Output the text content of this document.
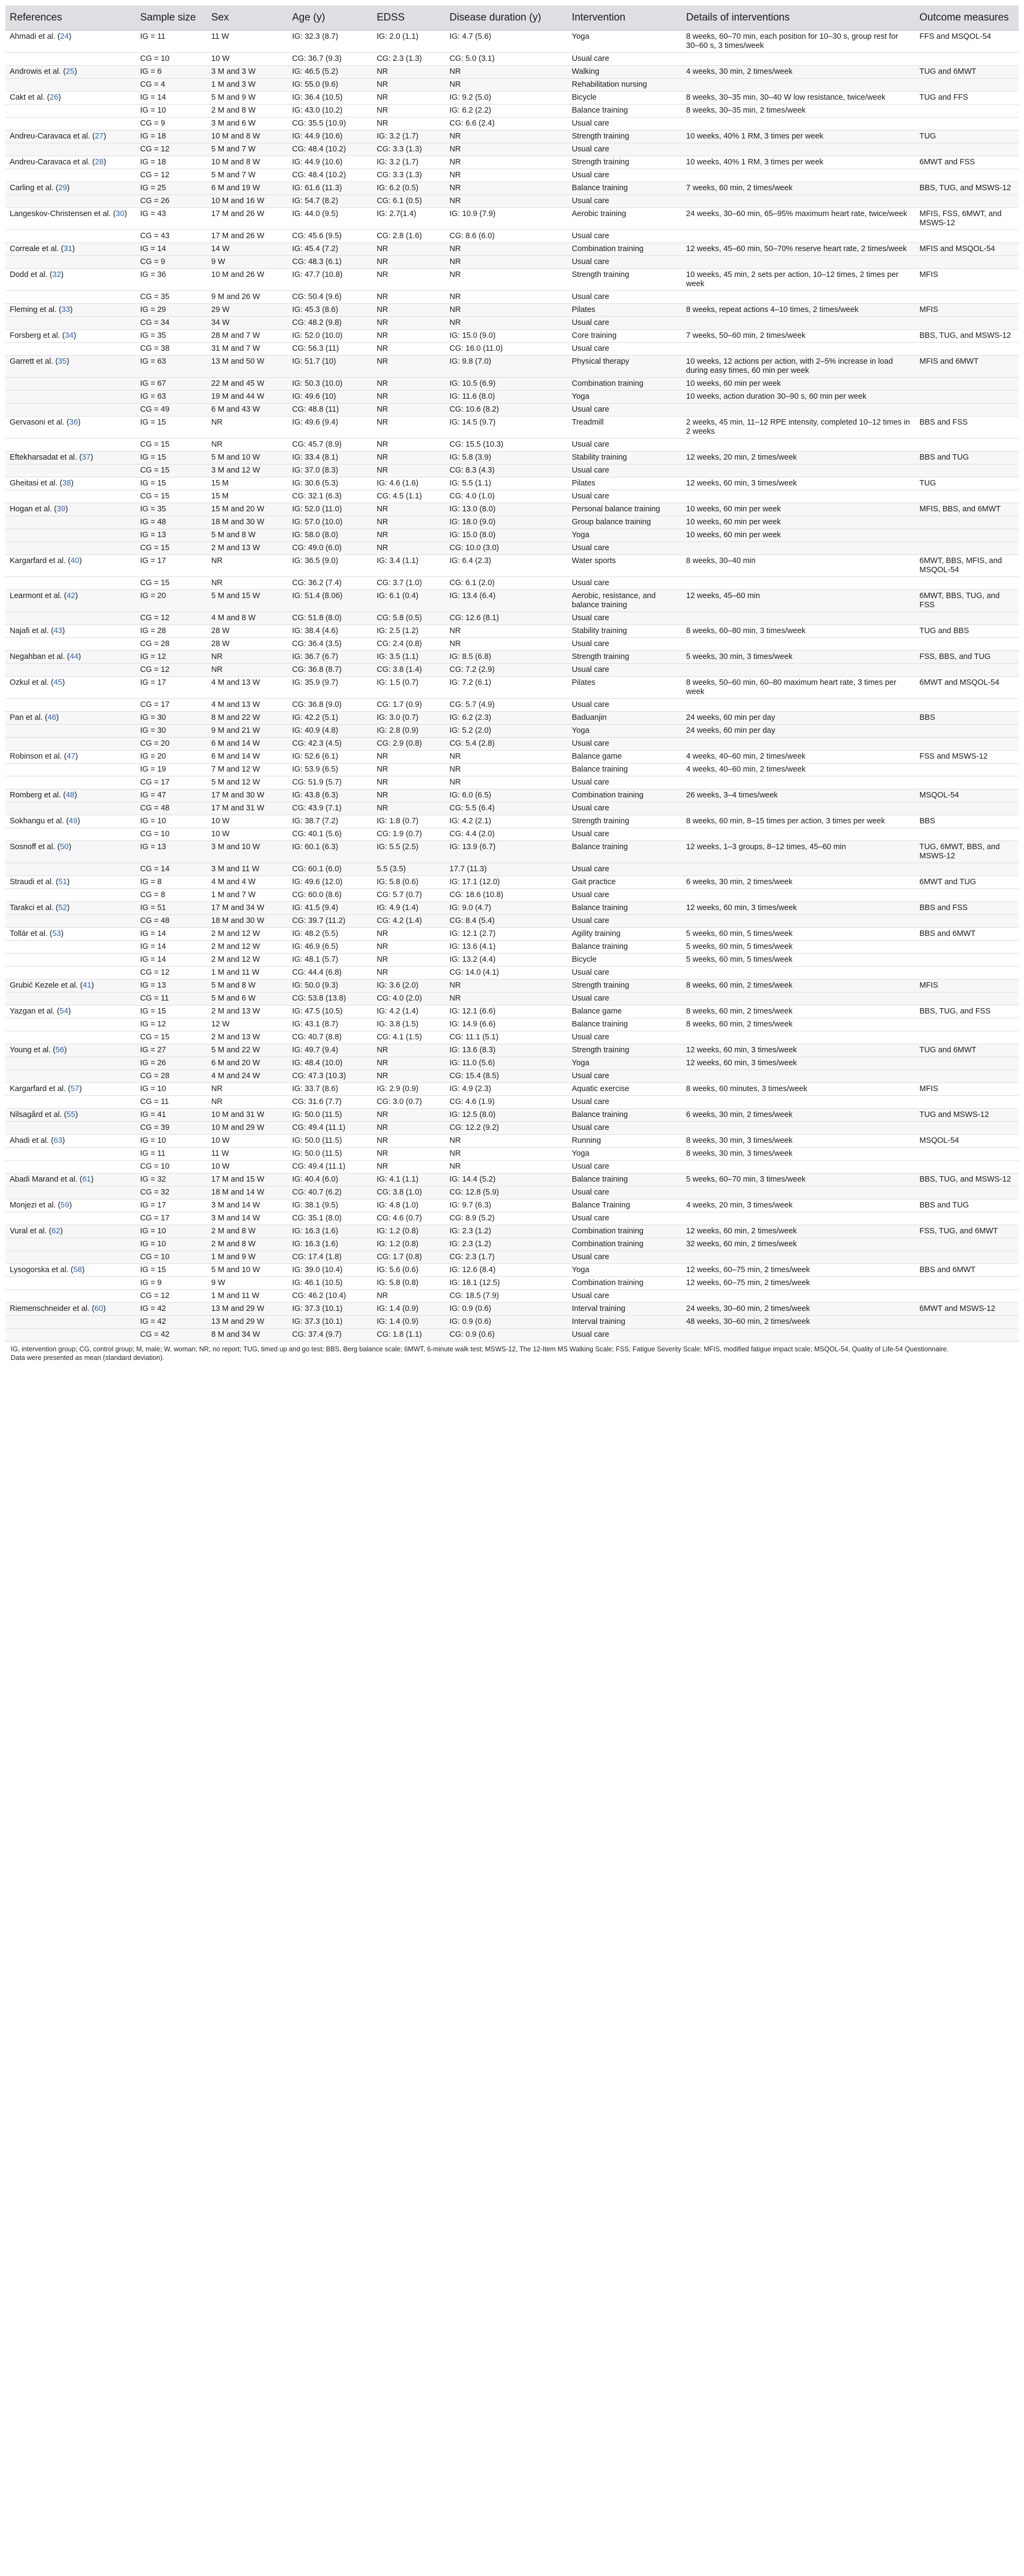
References	Sample size	Sex	Age (y)	EDSS	Disease duration (y)	Intervention	Details of interventions	Outcome measures
Ahmadi et al. (24)	IG = 11	11 W	IG: 32.3 (8.7)	IG: 2.0 (1.1)	IG: 4.7 (5.6)	Yoga	8 weeks, 60–70 min, each position for 10–30 s, group rest for 30–60 s, 3 times/week	FFS and MSQOL-54
	CG = 10	10 W	CG: 36.7 (9.3)	CG: 2.3 (1.3)	CG: 5.0 (3.1)	Usual care		
Androwis et al. (25)	IG = 6	3 M and 3 W	IG: 46.5 (5.2)	NR	NR	Walking	4 weeks, 30 min, 2 times/week	TUG and 6MWT
	CG = 4	1 M and 3 W	IG: 55.0 (9.6)	NR	NR	Rehabilitation nursing		
Cakt et al. (26)	IG = 14	5 M and 9 W	IG: 36.4 (10.5)	NR	IG: 9.2 (5.0)	Bicycle	8 weeks, 30–35 min, 30–40 W low resistance, twice/week	TUG and FFS
	IG = 10	2 M and 8 W	IG: 43.0 (10.2)	NR	IG: 6.2 (2.2)	Balance training	8 weeks, 30–35 min, 2 times/week	
	CG = 9	3 M and 6 W	CG: 35.5 (10.9)	NR	CG: 6.6 (2.4)	Usual care		
Andreu-Caravaca et al. (27)	IG = 18	10 M and 8 W	IG: 44.9 (10.6)	IG: 3.2 (1.7)	NR	Strength training	10 weeks, 40% 1 RM, 3 times per week	TUG
	CG = 12	5 M and 7 W	CG: 48.4 (10.2)	CG: 3.3 (1.3)	NR	Usual care		
Andreu-Caravaca et al. (28)	IG = 18	10 M and 8 W	IG: 44.9 (10.6)	IG: 3.2 (1.7)	NR	Strength training	10 weeks, 40% 1 RM, 3 times per week	6MWT and FSS
	CG = 12	5 M and 7 W	CG: 48.4 (10.2)	CG: 3.3 (1.3)	NR	Usual care		
Carling et al. (29)	IG = 25	6 M and 19 W	IG: 61.6 (11.3)	IG: 6.2 (0.5)	NR	Balance training	7 weeks, 60 min, 2 times/week	BBS, TUG, and MSWS-12
	CG = 26	10 M and 16 W	IG: 54.7 (8.2)	CG: 6.1 (0.5)	NR	Usual care		
Langeskov-Christensen et al. (30)	IG = 43	17 M and 26 W	IG: 44.0 (9.5)	IG: 2.7(1.4)	IG: 10.9 (7.9)	Aerobic training	24 weeks, 30–60 min, 65–95% maximum heart rate, twice/week	MFIS, FSS, 6MWT, and MSWS-12
	CG = 43	17 M and 26 W	CG: 45.6 (9.5)	CG: 2.8 (1.6)	CG: 8.6 (6.0)	Usual care		
Correale et al. (31)	IG = 14	14 W	IG: 45.4 (7.2)	NR	NR	Combination training	12 weeks, 45–60 min, 50–70% reserve heart rate, 2 times/week	MFIS and MSQOL-54
	CG = 9	9 W	CG: 48.3 (6.1)	NR	NR	Usual care		
Dodd et al. (32)	IG = 36	10 M and 26 W	IG: 47.7 (10.8)	NR	NR	Strength training	10 weeks, 45 min, 2 sets per action, 10–12 times, 2 times per week	MFIS
	CG = 35	9 M and 26 W	CG: 50.4 (9.6)	NR	NR	Usual care		
Fleming et al. (33)	IG = 29	29 W	IG: 45.3 (8.6)	NR	NR	Pilates	8 weeks, repeat actions 4–10 times, 2 times/week	MFIS
	CG = 34	34 W	CG: 48.2 (9.8)	NR	NR	Usual care		
Forsberg et al. (34)	IG = 35	28 M and 7 W	IG: 52.0 (10.0)	NR	IG: 15.0 (9.0)	Core training	7 weeks, 50–60 min, 2 times/week	BBS, TUG, and MSWS-12
	CG = 38	31 M and 7 W	CG: 56.3 (11)	NR	CG: 16.0 (11.0)	Usual care		
Garrett et al. (35)	IG = 63	13 M and 50 W	IG: 51.7 (10)	NR	IG: 9.8 (7.0)	Physical therapy	10 weeks, 12 actions per action, with 2–5% increase in load during easy times, 60 min per week	MFIS and 6MWT
	IG = 67	22 M and 45 W	IG: 50.3 (10.0)	NR	IG: 10.5 (6.9)	Combination training	10 weeks, 60 min per week	
	IG = 63	19 M and 44 W	IG: 49.6 (10)	NR	IG: 11.6 (8.0)	Yoga	10 weeks, action duration 30–90 s, 60 min per week	
	CG = 49	6 M and 43 W	CG: 48.8 (11)	NR	CG: 10.6 (8.2)	Usual care		
Gervasoni et al. (36)	IG = 15	NR	IG: 49.6 (9.4)	NR	IG: 14.5 (9.7)	Treadmill	2 weeks, 45 min, 11–12 RPE intensity, completed 10–12 times in 2 weeks	BBS and FSS
	CG = 15	NR	CG: 45.7 (8.9)	NR	CG: 15.5 (10.3)	Usual care		
Eftekharsadat et al. (37)	IG = 15	5 M and 10 W	IG: 33.4 (8.1)	NR	IG: 5.8 (3.9)	Stability training	12 weeks, 20 min, 2 times/week	BBS and TUG
	CG = 15	3 M and 12 W	IG: 37.0 (8.3)	NR	CG: 8.3 (4.3)	Usual care		
Gheitasi et al. (38)	IG = 15	15 M	IG: 30.6 (5.3)	IG: 4.6 (1.6)	IG: 5.5 (1.1)	Pilates	12 weeks, 60 min, 3 times/week	TUG
	CG = 15	15 M	CG: 32.1 (6.3)	CG: 4.5 (1.1)	CG: 4.0 (1.0)	Usual care		
Hogan et al. (39)	IG = 35	15 M and 20 W	IG: 52.0 (11.0)	NR	IG: 13.0 (8.0)	Personal balance training	10 weeks, 60 min per week	MFIS, BBS, and 6MWT
	IG = 48	18 M and 30 W	IG: 57.0 (10.0)	NR	IG: 18.0 (9.0)	Group balance training	10 weeks, 60 min per week	
	IG = 13	5 M and 8 W	IG: 58.0 (8.0)	NR	IG: 15.0 (8.0)	Yoga	10 weeks, 60 min per week	
	CG = 15	2 M and 13 W	CG: 49.0 (6.0)	NR	CG: 10.0 (3.0)	Usual care		
Kargarfard et al. (40)	IG = 17	NR	IG: 36.5 (9.0)	IG: 3.4 (1.1)	IG: 6.4 (2.3)	Water sports	8 weeks, 30–40 min	6MWT, BBS, MFIS, and MSQOL-54
	CG = 15	NR	CG: 36.2 (7.4)	CG: 3.7 (1.0)	CG: 6.1 (2.0)	Usual care		
Learmont et al. (42)	IG = 20	5 M and 15 W	IG: 51.4 (8.06)	IG: 6.1 (0.4)	IG: 13.4 (6.4)	Aerobic, resistance, and balance training	12 weeks, 45–60 min	6MWT, BBS, TUG, and FSS
	CG = 12	4 M and 8 W	CG: 51.8 (8.0)	CG: 5.8 (0.5)	CG: 12.6 (8.1)	Usual care		
Najafi et al. (43)	IG = 28	28 W	IG: 38.4 (4.6)	IG: 2.5 (1.2)	NR	Stability training	8 weeks, 60–80 min, 3 times/week	TUG and BBS
	CG = 28	28 W	CG: 36.4 (3.5)	CG: 2.4 (0.8)	NR	Usual care		
Negahban et al. (44)	IG = 12	NR	IG: 36.7 (6.7)	IG: 3.5 (1.1)	IG: 8.5 (6.8)	Strength training	5 weeks, 30 min, 3 times/week	FSS, BBS, and TUG
	CG = 12	NR	CG: 36.8 (8.7)	CG: 3.8 (1.4)	CG: 7.2 (2.9)	Usual care		
Ozkul et al. (45)	IG = 17	4 M and 13 W	IG: 35.9 (9.7)	IG: 1.5 (0.7)	IG: 7.2 (6.1)	Pilates	8 weeks, 50–60 min, 60–80 maximum heart rate, 3 times per week	6MWT and MSQOL-54
	CG = 17	4 M and 13 W	CG: 36.8 (9.0)	CG: 1.7 (0.9)	CG: 5.7 (4.9)	Usual care		
Pan et al. (46)	IG = 30	8 M and 22 W	IG: 42.2 (5.1)	IG: 3.0 (0.7)	IG: 6.2 (2.3)	Baduanjin	24 weeks, 60 min per day	BBS
	IG = 30	9 M and 21 W	IG: 40.9 (4.8)	IG: 2.8 (0.9)	IG: 5.2 (2.0)	Yoga	24 weeks, 60 min per day	
	CG = 20	6 M and 14 W	CG: 42.3 (4.5)	CG: 2.9 (0.8)	CG: 5.4 (2.8)	Usual care		
Robinson et al. (47)	IG = 20	6 M and 14 W	IG: 52.6 (6.1)	NR	NR	Balance game	4 weeks, 40–60 min, 2 times/week	FSS and MSWS-12
	IG = 19	7 M and 12 W	IG: 53.9 (6.5)	NR	NR	Balance training	4 weeks, 40–60 min, 2 times/week	
	CG = 17	5 M and 12 W	CG: 51.9 (5.7)	NR	NR	Usual care		
Romberg et al. (48)	IG = 47	17 M and 30 W	IG: 43.8 (6.3)	NR	IG: 6.0 (6.5)	Combination training	26 weeks, 3–4 times/week	MSQOL-54
	CG = 48	17 M and 31 W	CG: 43.9 (7.1)	NR	CG: 5.5 (6.4)	Usual care		
Sokhangu et al. (49)	IG = 10	10 W	IG: 38.7 (7.2)	IG: 1.8 (0.7)	IG: 4.2 (2.1)	Strength training	8 weeks, 60 min, 8–15 times per action, 3 times per week	BBS
	CG = 10	10 W	CG: 40.1 (5.6)	CG: 1.9 (0.7)	CG: 4.4 (2.0)	Usual care		
Sosnoff et al. (50)	IG = 13	3 M and 10 W	IG: 60.1 (6.3)	IG: 5.5 (2.5)	IG: 13.9 (6.7)	Balance training	12 weeks, 1–3 groups, 8–12 times, 45–60 min	TUG, 6MWT, BBS, and MSWS-12
	CG = 14	3 M and 11 W	CG: 60.1 (6.0)	5.5 (3.5)	17.7 (11.3)	Usual care		
Straudi et al. (51)	IG = 8	4 M and 4 W	IG: 49.6 (12.0)	IG: 5.8 (0.6)	IG: 17.1 (12.0)	Gait practice	6 weeks, 30 min, 2 times/week	6MWT and TUG
	CG = 8	1 M and 7 W	CG: 60.0 (8.6)	CG: 5.7 (0.7)	CG: 18.6 (10.8)	Usual care		
Tarakci et al. (52)	IG = 51	17 M and 34 W	IG: 41.5 (9.4)	IG: 4.9 (1.4)	IG: 9.0 (4.7)	Balance training	12 weeks, 60 min, 3 times/week	BBS and FSS
	CG = 48	18 M and 30 W	CG: 39.7 (11.2)	CG: 4.2 (1.4)	CG: 8.4 (5.4)	Usual care		
Tollár et al. (53)	IG = 14	2 M and 12 W	IG: 48.2 (5.5)	NR	IG: 12.1 (2.7)	Agility training	5 weeks, 60 min, 5 times/week	BBS and 6MWT
	IG = 14	2 M and 12 W	IG: 46.9 (6.5)	NR	IG: 13.6 (4.1)	Balance training	5 weeks, 60 min, 5 times/week	
	IG = 14	2 M and 12 W	IG: 48.1 (5.7)	NR	IG: 13.2 (4.4)	Bicycle	5 weeks, 60 min, 5 times/week	
	CG = 12	1 M and 11 W	CG: 44.4 (6.8)	NR	CG: 14.0 (4.1)	Usual care		
Grubić Kezele et al. (41)	IG = 13	5 M and 8 W	IG: 50.0 (9.3)	IG: 3.6 (2.0)	NR	Strength training	8 weeks, 60 min, 2 times/week	MFIS
	CG = 11	5 M and 6 W	CG: 53.8 (13.8)	CG: 4.0 (2.0)	NR	Usual care		
Yazgan et al. (54)	IG = 15	2 M and 13 W	IG: 47.5 (10.5)	IG: 4.2 (1.4)	IG: 12.1 (6.6)	Balance game	8 weeks, 60 min, 2 times/week	BBS, TUG, and FSS
	IG = 12	12 W	IG: 43.1 (8.7)	IG: 3.8 (1.5)	IG: 14.9 (6.6)	Balance training	8 weeks, 60 min, 2 times/week	
	CG = 15	2 M and 13 W	CG: 40.7 (8.8)	CG: 4.1 (1.5)	CG: 11.1 (5.1)	Usual care		
Young et al. (56)	IG = 27	5 M and 22 W	IG: 49.7 (9.4)	NR	IG: 13.6 (8.3)	Strength training	12 weeks, 60 min, 3 times/week	TUG and 6MWT
	IG = 26	6 M and 20 W	IG: 48.4 (10.0)	NR	IG: 11.0 (5.6)	Yoga	12 weeks, 60 min, 3 times/week	
	CG = 28	4 M and 24 W	CG: 47.3 (10.3)	NR	CG: 15.4 (8.5)	Usual care		
Kargarfard et al. (57)	IG = 10	NR	IG: 33.7 (8.6)	IG: 2.9 (0.9)	IG: 4.9 (2.3)	Aquatic exercise	8 weeks, 60 minutes, 3 times/week	MFIS
	CG = 11	NR	CG: 31.6 (7.7)	CG: 3.0 (0.7)	CG: 4.6 (1.9)	Usual care		
Nilsagård et al. (55)	IG = 41	10 M and 31 W	IG: 50.0 (11.5)	NR	IG: 12.5 (8.0)	Balance training	6 weeks, 30 min, 2 times/week	TUG and MSWS-12
	CG = 39	10 M and 29 W	CG: 49.4 (11.1)	NR	CG: 12.2 (9.2)	Usual care		
Ahadi et al. (63)	IG = 10	10 W	IG: 50.0 (11.5)	NR	NR	Running	8 weeks, 30 min, 3 times/week	MSQOL-54
	IG = 11	11 W	IG: 50.0 (11.5)	NR	NR	Yoga	8 weeks, 30 min, 3 times/week	
	CG = 10	10 W	CG: 49.4 (11.1)	NR	NR	Usual care		
Abadi Marand et al. (61)	IG = 32	17 M and 15 W	IG: 40.4 (6.0)	IG: 4.1 (1.1)	IG: 14.4 (5.2)	Balance training	5 weeks, 60–70 min, 3 times/week	BBS, TUG, and MSWS-12
	CG = 32	18 M and 14 W	CG: 40.7 (6.2)	CG: 3.8 (1.0)	CG: 12.8 (5.9)	Usual care		
Monjezi et al. (59)	IG = 17	3 M and 14 W	IG: 38.1 (9.5)	IG: 4.8 (1.0)	IG: 9.7 (6.3)	Balance Training	4 weeks, 20 min, 3 times/week	BBS and TUG
	CG = 17	3 M and 14 W	CG: 35.1 (8.0)	CG: 4.6 (0.7)	CG: 8.9 (5.2)	Usual care		
Vural et al. (62)	IG = 10	2 M and 8 W	IG: 16.3 (1.6)	IG: 1.2 (0.8)	IG: 2.3 (1.2)	Combination training	12 weeks, 60 min, 2 times/week	FSS, TUG, and 6MWT
	IG = 10	2 M and 8 W	IG: 16.3 (1.6)	IG: 1.2 (0.8)	IG: 2.3 (1.2)	Combination training	32 weeks, 60 min, 2 times/week	
	CG = 10	1 M and 9 W	CG: 17.4 (1.8)	CG: 1.7 (0.8)	CG: 2.3 (1.7)	Usual care		
Lysogorska et al. (58)	IG = 15	5 M and 10 W	IG: 39.0 (10.4)	IG: 5.6 (0.6)	IG: 12.6 (8.4)	Yoga	12 weeks, 60–75 min, 2 times/week	BBS and 6MWT
	IG = 9	9 W	IG: 46.1 (10.5)	IG: 5.8 (0.8)	IG: 18.1 (12.5)	Combination training	12 weeks, 60–75 min, 2 times/week	
	CG = 12	1 M and 11 W	CG: 46.2 (10.4)	NR	CG: 18.5 (7.9)	Usual care		
Riemenschneider et al. (60)	IG = 42	13 M and 29 W	IG: 37.3 (10.1)	IG: 1.4 (0.9)	IG: 0.9 (0.6)	Interval training	24 weeks, 30–60 min, 2 times/week	6MWT and MSWS-12
	IG = 42	13 M and 29 W	IG: 37.3 (10.1)	IG: 1.4 (0.9)	IG: 0.9 (0.6)	Interval training	48 weeks, 30–60 min, 2 times/week	
	CG = 42	8 M and 34 W	CG: 37.4 (9.7)	CG: 1.8 (1.1)	CG: 0.9 (0.6)	Usual care		
IG, intervention group; CG, control group; M, male; W, woman; NR, no report; TUG, timed up and go test; BBS, Berg balance scale; 6MWT, 6-minute walk test; MSWS-12, The 12-Item MS Walking Scale; FSS, Fatigue Severity Scale; MFIS, modified fatigue impact scale; MSQOL-54, Quality of Life-54 Questionnaire.
Data were presented as mean (standard deviation).
